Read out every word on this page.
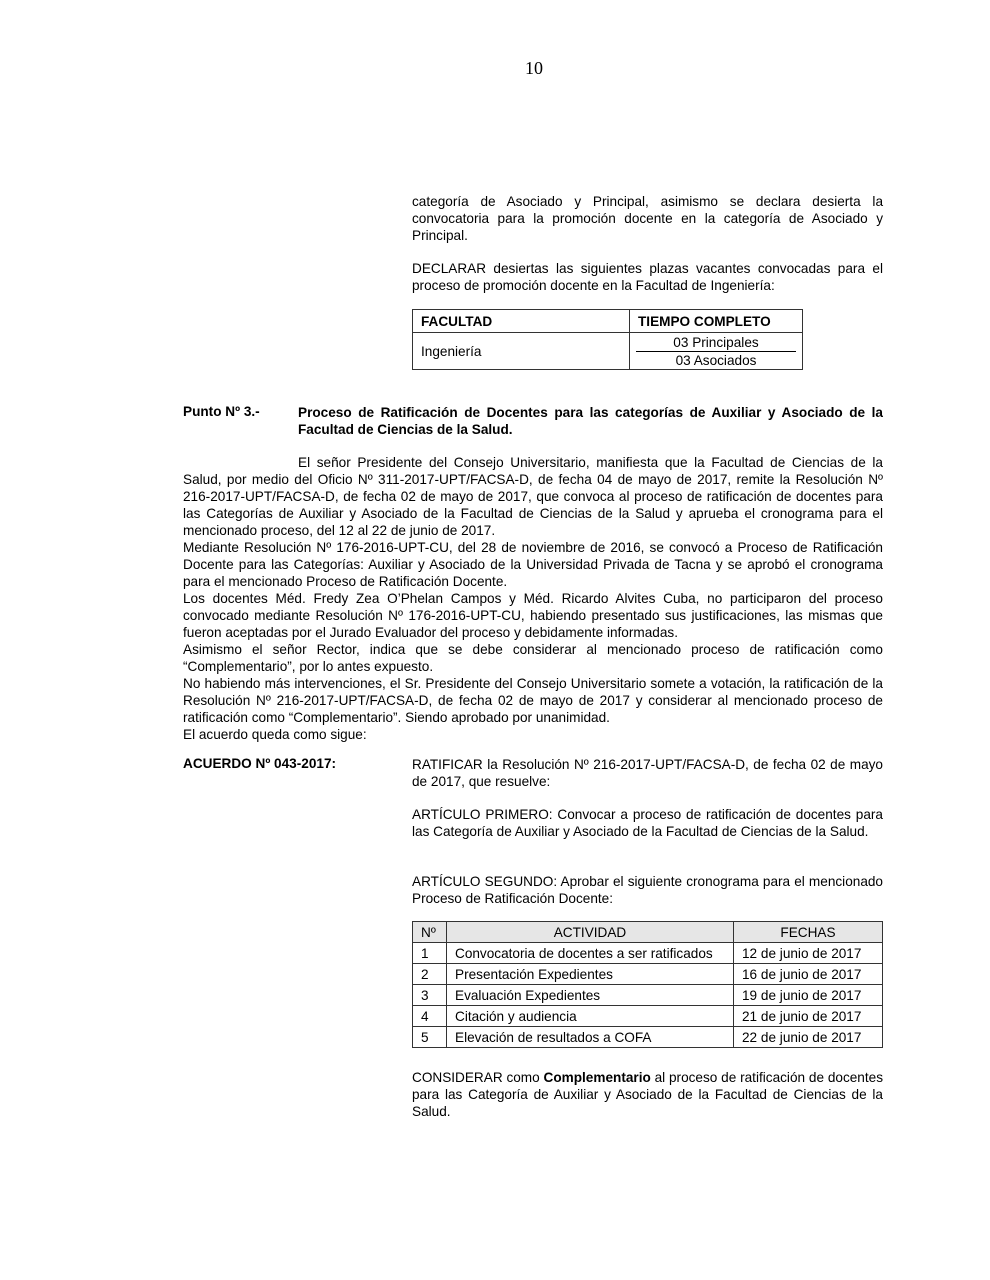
10

categoría de Asociado y Principal, asimismo se declara desierta la convocatoria para la promoción docente en la categoría de Asociado y Principal.

DECLARAR desiertas las siguientes plazas vacantes convocadas para el proceso de promoción docente en la Facultad de Ingeniería:

FACULTAD	TIEMPO COMPLETO
Ingeniería	03 Principales
03 Asociados
Punto Nº 3.-	Proceso de Ratificación de Docentes para las categorías de Auxiliar y Asociado de la Facultad de Ciencias de la Salud.

El señor Presidente del Consejo Universitario, manifiesta que la Facultad de Ciencias de la Salud, por medio del Oficio Nº 311-2017-UPT/FACSA-D, de fecha 04 de mayo de 2017, remite la Resolución Nº 216-2017-UPT/FACSA-D, de fecha 02 de mayo de 2017, que convoca al proceso de ratificación de docentes para las Categorías de Auxiliar y Asociado de la Facultad de Ciencias de la Salud y aprueba el cronograma para el mencionado proceso, del 12 al 22 de junio de 2017.

Mediante Resolución Nº 176-2016-UPT-CU, del 28 de noviembre de 2016, se convocó a Proceso de Ratificación Docente para las Categorías: Auxiliar y Asociado de la Universidad Privada de Tacna y se aprobó el cronograma para el mencionado Proceso de Ratificación Docente.

Los docentes Méd. Fredy Zea O’Phelan Campos y Méd. Ricardo Alvites Cuba, no participaron del proceso convocado mediante Resolución Nº 176-2016-UPT-CU, habiendo presentado sus justificaciones, las mismas que fueron aceptadas por el Jurado Evaluador del proceso y debidamente informadas.

Asimismo el señor Rector, indica que se debe considerar al mencionado proceso de ratificación como “Complementario”, por lo antes expuesto.

No habiendo más intervenciones, el Sr. Presidente del Consejo Universitario somete a votación, la ratificación de la Resolución Nº 216-2017-UPT/FACSA-D, de fecha 02 de mayo de 2017 y considerar al mencionado proceso de ratificación como “Complementario”. Siendo aprobado por unanimidad.

El acuerdo queda como sigue:

ACUERDO Nº 043-2017:	RATIFICAR la Resolución Nº 216-2017-UPT/FACSA-D, de fecha 02 de mayo de 2017, que resuelve:

ARTÍCULO PRIMERO: Convocar a proceso de ratificación de docentes para las Categoría de Auxiliar y Asociado de la Facultad de Ciencias de la Salud.

ARTÍCULO SEGUNDO: Aprobar el siguiente cronograma para el mencionado Proceso de Ratificación Docente:

Nº	ACTIVIDAD	FECHAS
1	Convocatoria de docentes a ser ratificados	12 de junio de 2017
2	Presentación Expedientes	16 de junio de 2017
3	Evaluación Expedientes	19 de junio de 2017
4	Citación y audiencia	21 de junio de 2017
5	Elevación de resultados a COFA	22 de junio de 2017

CONSIDERAR como Complementario al proceso de ratificación de docentes para las Categoría de Auxiliar y Asociado de la Facultad de Ciencias de la Salud.
